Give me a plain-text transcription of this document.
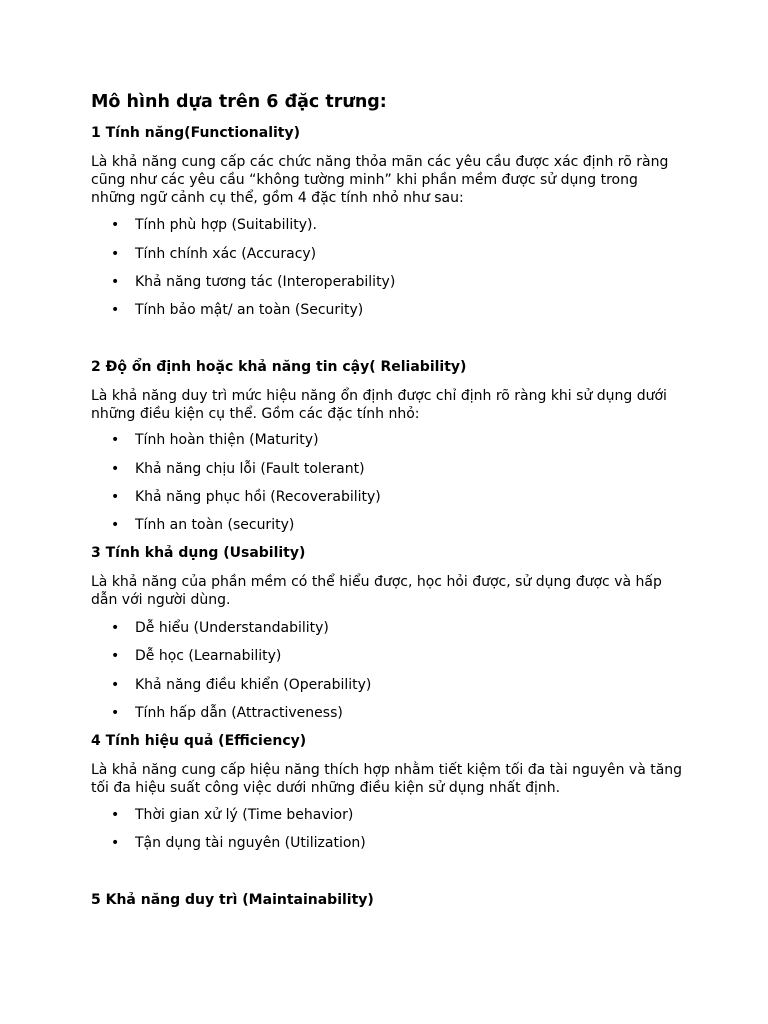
Mô hình dựa trên 6 đặc trưng:
1 Tính năng(Functionality)
Là khả năng cung cấp các chức năng thỏa mãn các yêu cầu được xác định rõ ràng
cũng như các yêu cầu “không tường minh” khi phần mềm được sử dụng trong
những ngữ cảnh cụ thể, gồm 4 đặc tính nhỏ như sau:
• Tính phù hợp (Suitability).
• Tính chính xác (Accuracy)
• Khả năng tương tác (Interoperability)
• Tính bảo mật/ an toàn (Security)
2 Độ ổn định hoặc khả năng tin cậy( Reliability)
Là khả năng duy trì mức hiệu năng ổn định được chỉ định rõ ràng khi sử dụng dưới
những điều kiện cụ thể. Gồm các đặc tính nhỏ:
• Tính hoàn thiện (Maturity)
• Khả năng chịu lỗi (Fault tolerant)
• Khả năng phục hồi (Recoverability)
• Tính an toàn (security)
3 Tính khả dụng (Usability)
Là khả năng của phần mềm có thể hiểu được, học hỏi được, sử dụng được và hấp
dẫn với người dùng.
• Dễ hiểu (Understandability)
• Dễ học (Learnability)
• Khả năng điều khiển (Operability)
• Tính hấp dẫn (Attractiveness)
4 Tính hiệu quả (Efficiency)
Là khả năng cung cấp hiệu năng thích hợp nhằm tiết kiệm tối đa tài nguyên và tăng
tối đa hiệu suất công việc dưới những điều kiện sử dụng nhất định.
• Thời gian xử lý (Time behavior)
• Tận dụng tài nguyên (Utilization)
5 Khả năng duy trì (Maintainability)
